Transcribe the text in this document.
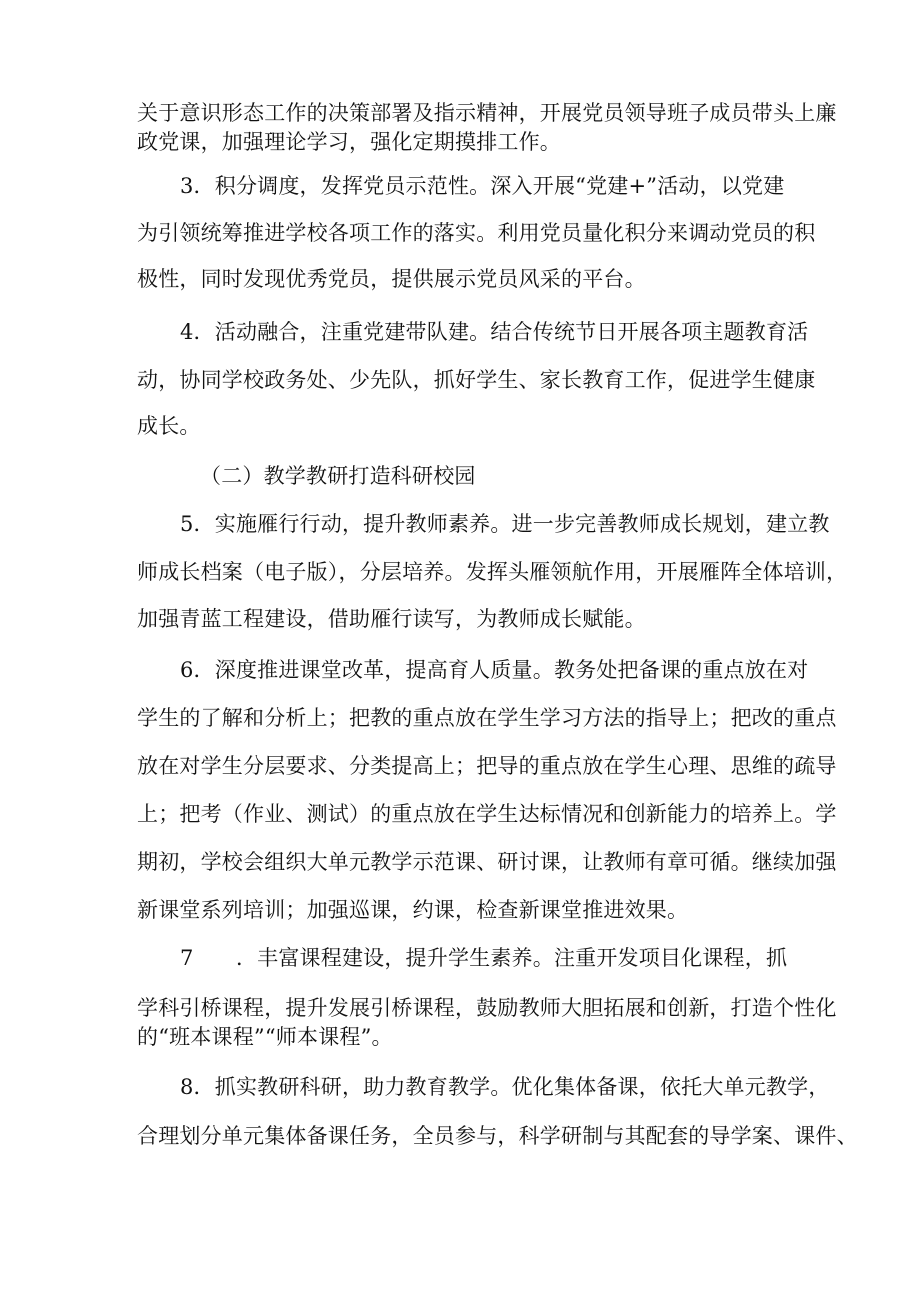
关于意识形态工作的决策部署及指示精神，开展党员领导班子成员带头上廉
政党课，加强理论学习，强化定期摸排工作。
3．积分调度，发挥党员示范性。深入开展“党建+”活动，以党建
为引领统筹推进学校各项工作的落实。利用党员量化积分来调动党员的积
极性，同时发现优秀党员，提供展示党员风采的平台。
4．活动融合，注重党建带队建。结合传统节日开展各项主题教育活
动，协同学校政务处、少先队，抓好学生、家长教育工作，促进学生健康
成长。
（二）教学教研打造科研校园
5．实施雁行行动，提升教师素养。进一步完善教师成长规划，建立教
师成长档案（电子版），分层培养。发挥头雁领航作用，开展雁阵全体培训，
加强青蓝工程建设，借助雁行读写，为教师成长赋能。
6．深度推进课堂改革，提高育人质量。教务处把备课的重点放在对
学生的了解和分析上；把教的重点放在学生学习方法的指导上；把改的重点
放在对学生分层要求、分类提高上；把导的重点放在学生心理、思维的疏导
上；把考（作业、测试）的重点放在学生达标情况和创新能力的培养上。学
期初，学校会组织大单元教学示范课、研讨课，让教师有章可循。继续加强
新课堂系列培训；加强巡课，约课，检查新课堂推进效果。
7　　．丰富课程建设，提升学生素养。注重开发项目化课程，抓
学科引桥课程，提升发展引桥课程，鼓励教师大胆拓展和创新，打造个性化
的“班本课程”“师本课程”。
8．抓实教研科研，助力教育教学。优化集体备课，依托大单元教学，
合理划分单元集体备课任务，全员参与，科学研制与其配套的导学案、课件、
